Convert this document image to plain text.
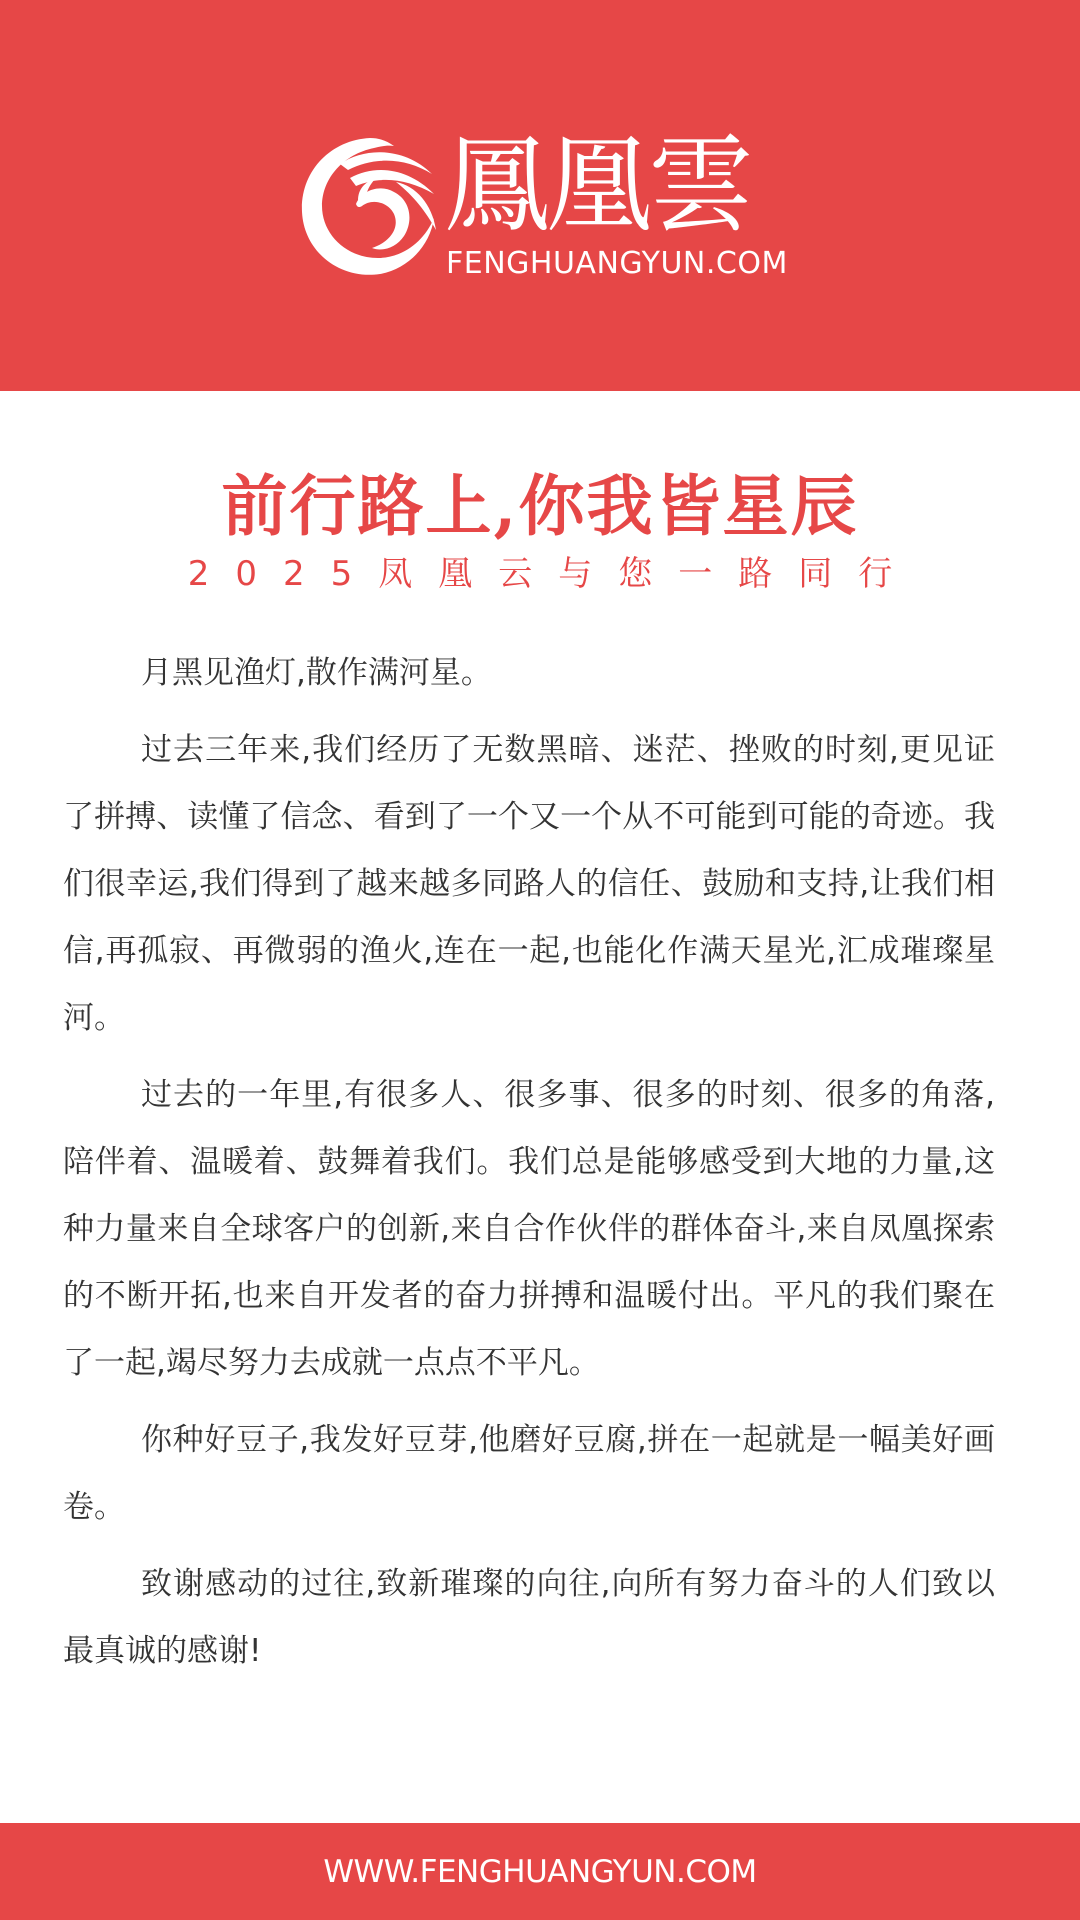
鳳凰雲
FENGHUANGYUN.COM
前行路上,你我皆星辰
2025凤凰云与您一路同行

月黑见渔灯,散作满河星。

过去三年来,我们经历了无数黑暗、迷茫、挫败的时刻,更见证了拼搏、读懂了信念、看到了一个又一个从不可能到可能的奇迹。我们很幸运,我们得到了越来越多同路人的信任、鼓励和支持,让我们相信,再孤寂、再微弱的渔火,连在一起,也能化作满天星光,汇成璀璨星河。

过去的一年里,有很多人、很多事、很多的时刻、很多的角落,陪伴着、温暖着、鼓舞着我们。我们总是能够感受到大地的力量,这种力量来自全球客户的创新,来自合作伙伴的群体奋斗,来自凤凰探索的不断开拓,也来自开发者的奋力拼搏和温暖付出。平凡的我们聚在了一起,竭尽努力去成就一点点不平凡。

你种好豆子,我发好豆芽,他磨好豆腐,拼在一起就是一幅美好画卷。

致谢感动的过往,致新璀璨的向往,向所有努力奋斗的人们致以最真诚的感谢!

WWW.FENGHUANGYUN.COM
